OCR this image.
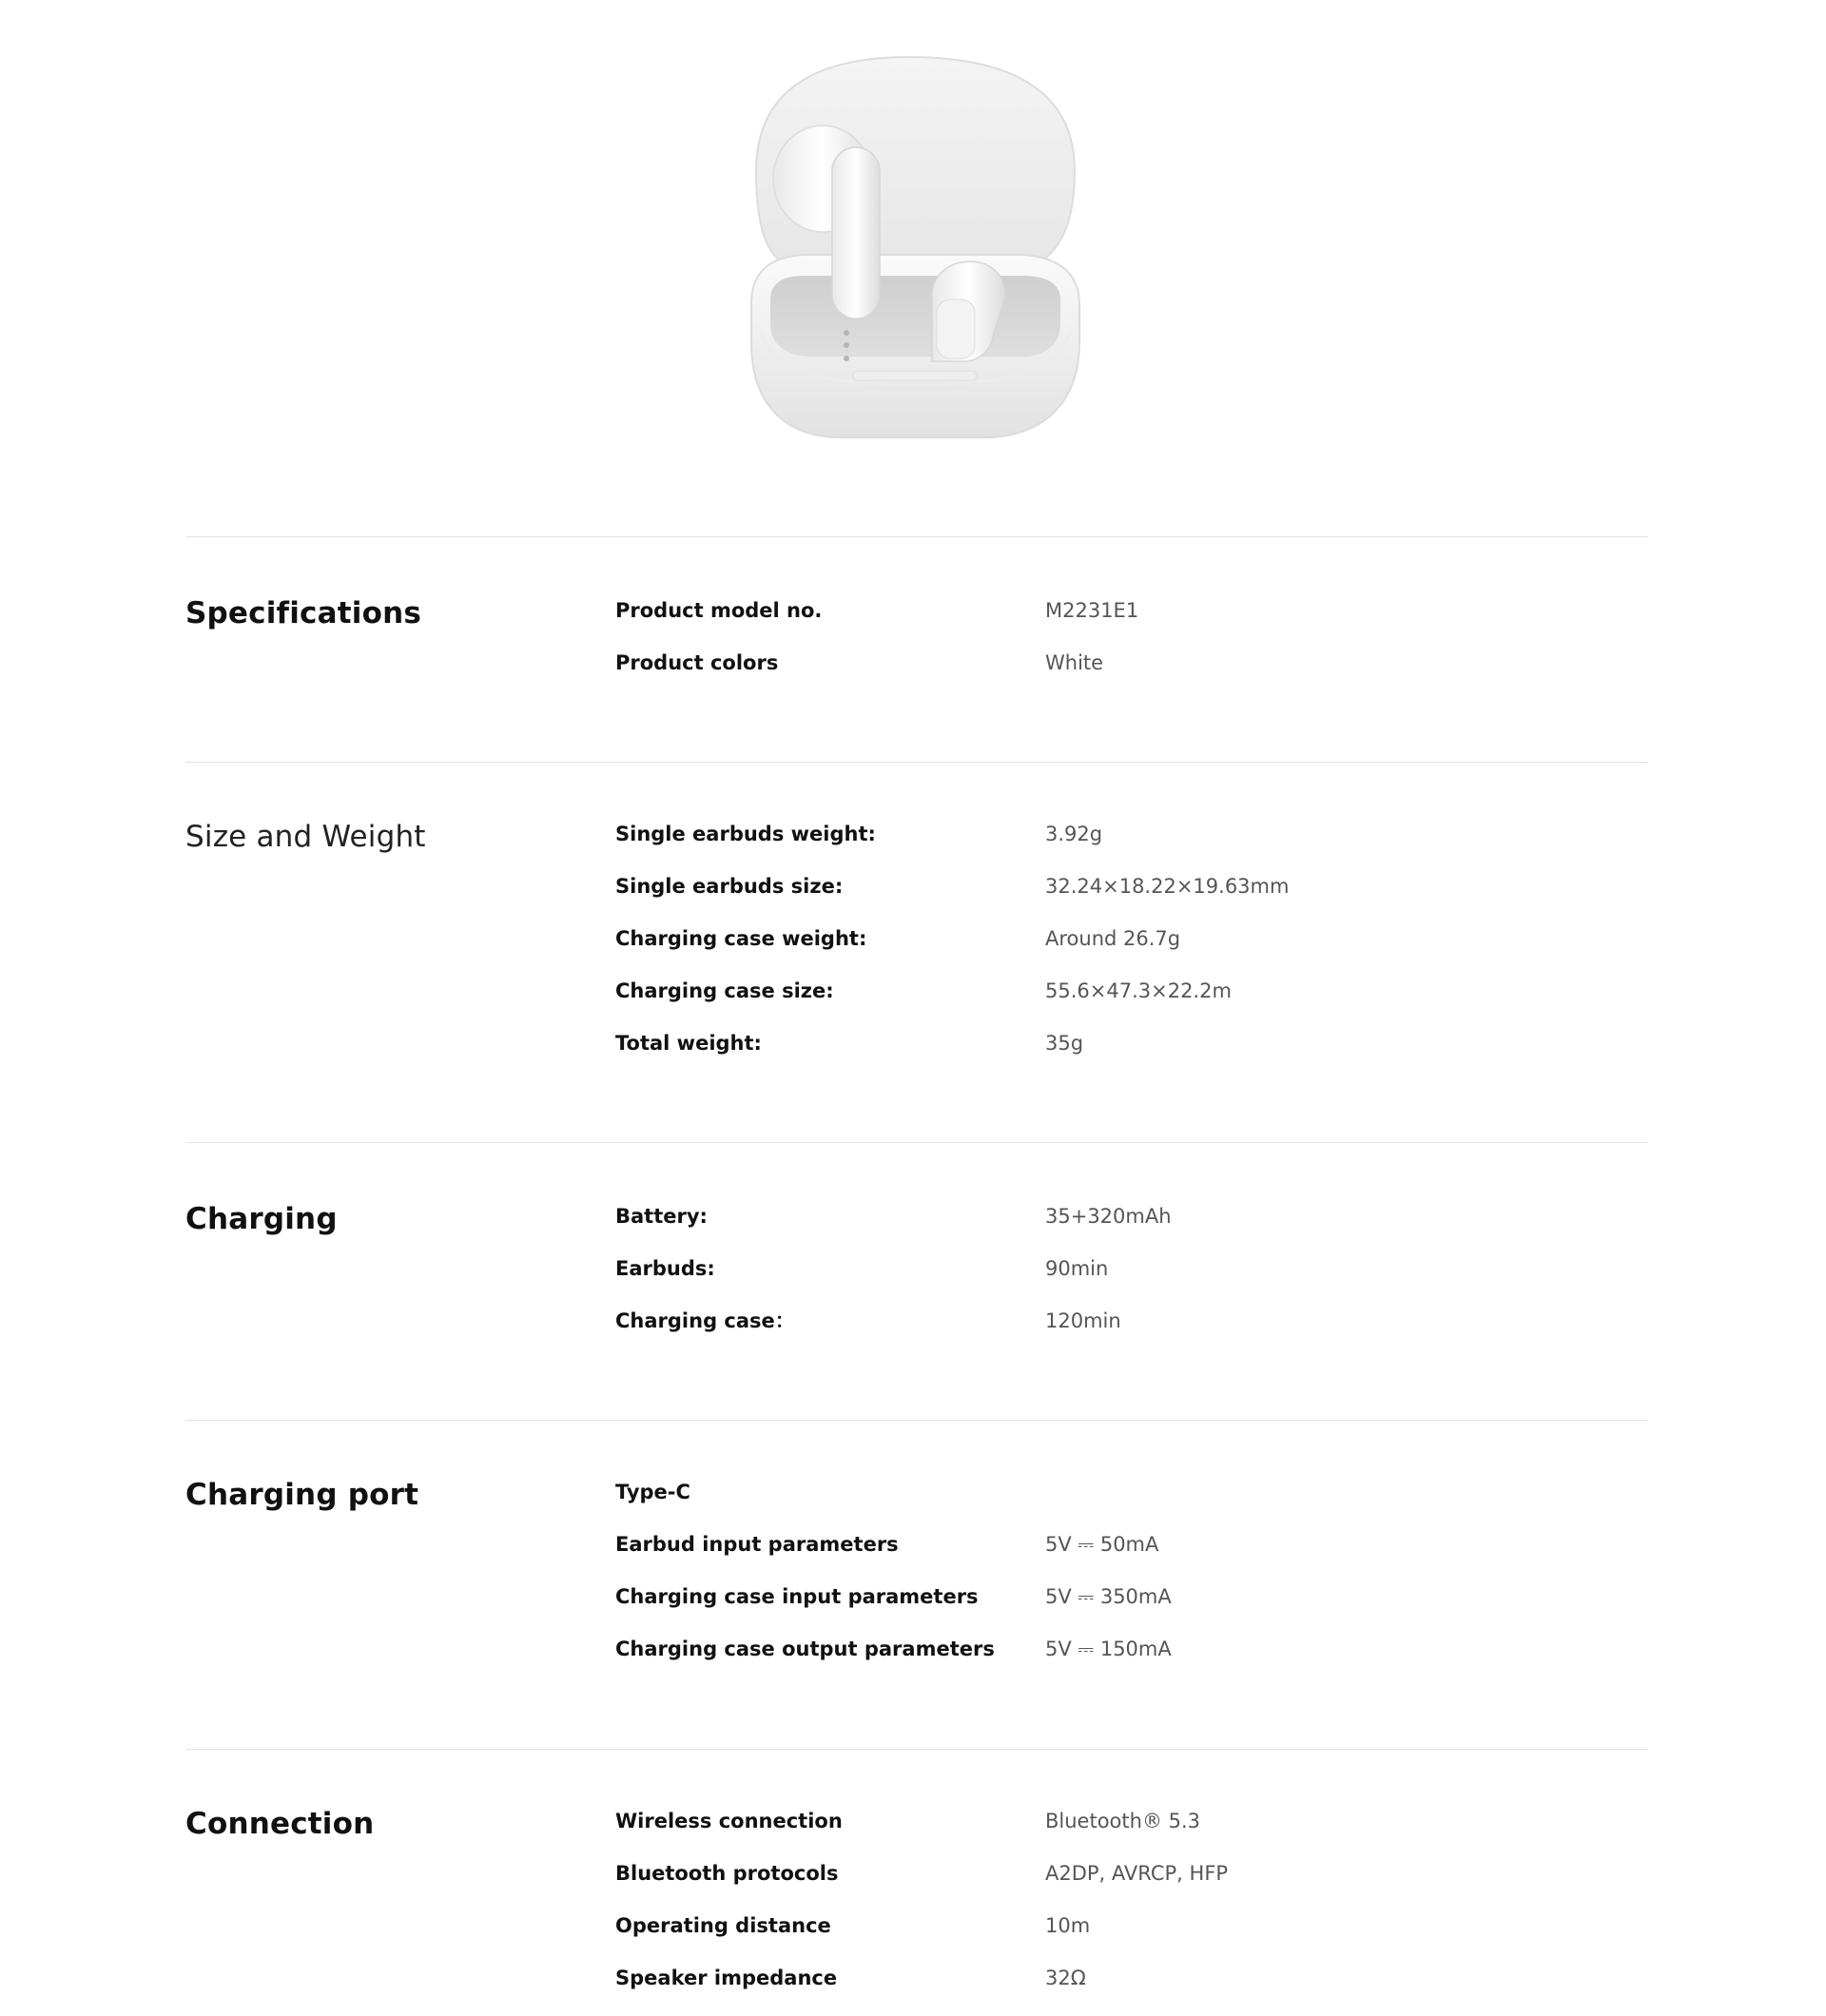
Specifications	Product model no.	M2231E1
Product colors	White
Size and Weight	Single earbuds weight:	3.92g
Single earbuds size:	32.24×18.22×19.63mm
Charging case weight:	Around 26.7g
Charging case size:	55.6×47.3×22.2m
Total weight:	35g
Charging	Battery:	35+320mAh
Earbuds:	90min
Charging case：	120min
Charging port	Type-C
Earbud input parameters	5V ⎓ 50mA
Charging case input parameters	5V ⎓ 350mA
Charging case output parameters	5V ⎓ 150mA
Connection	Wireless connection	Bluetooth® 5.3
Bluetooth protocols	A2DP, AVRCP, HFP
Operating distance	10m
Speaker impedance	32Ω
